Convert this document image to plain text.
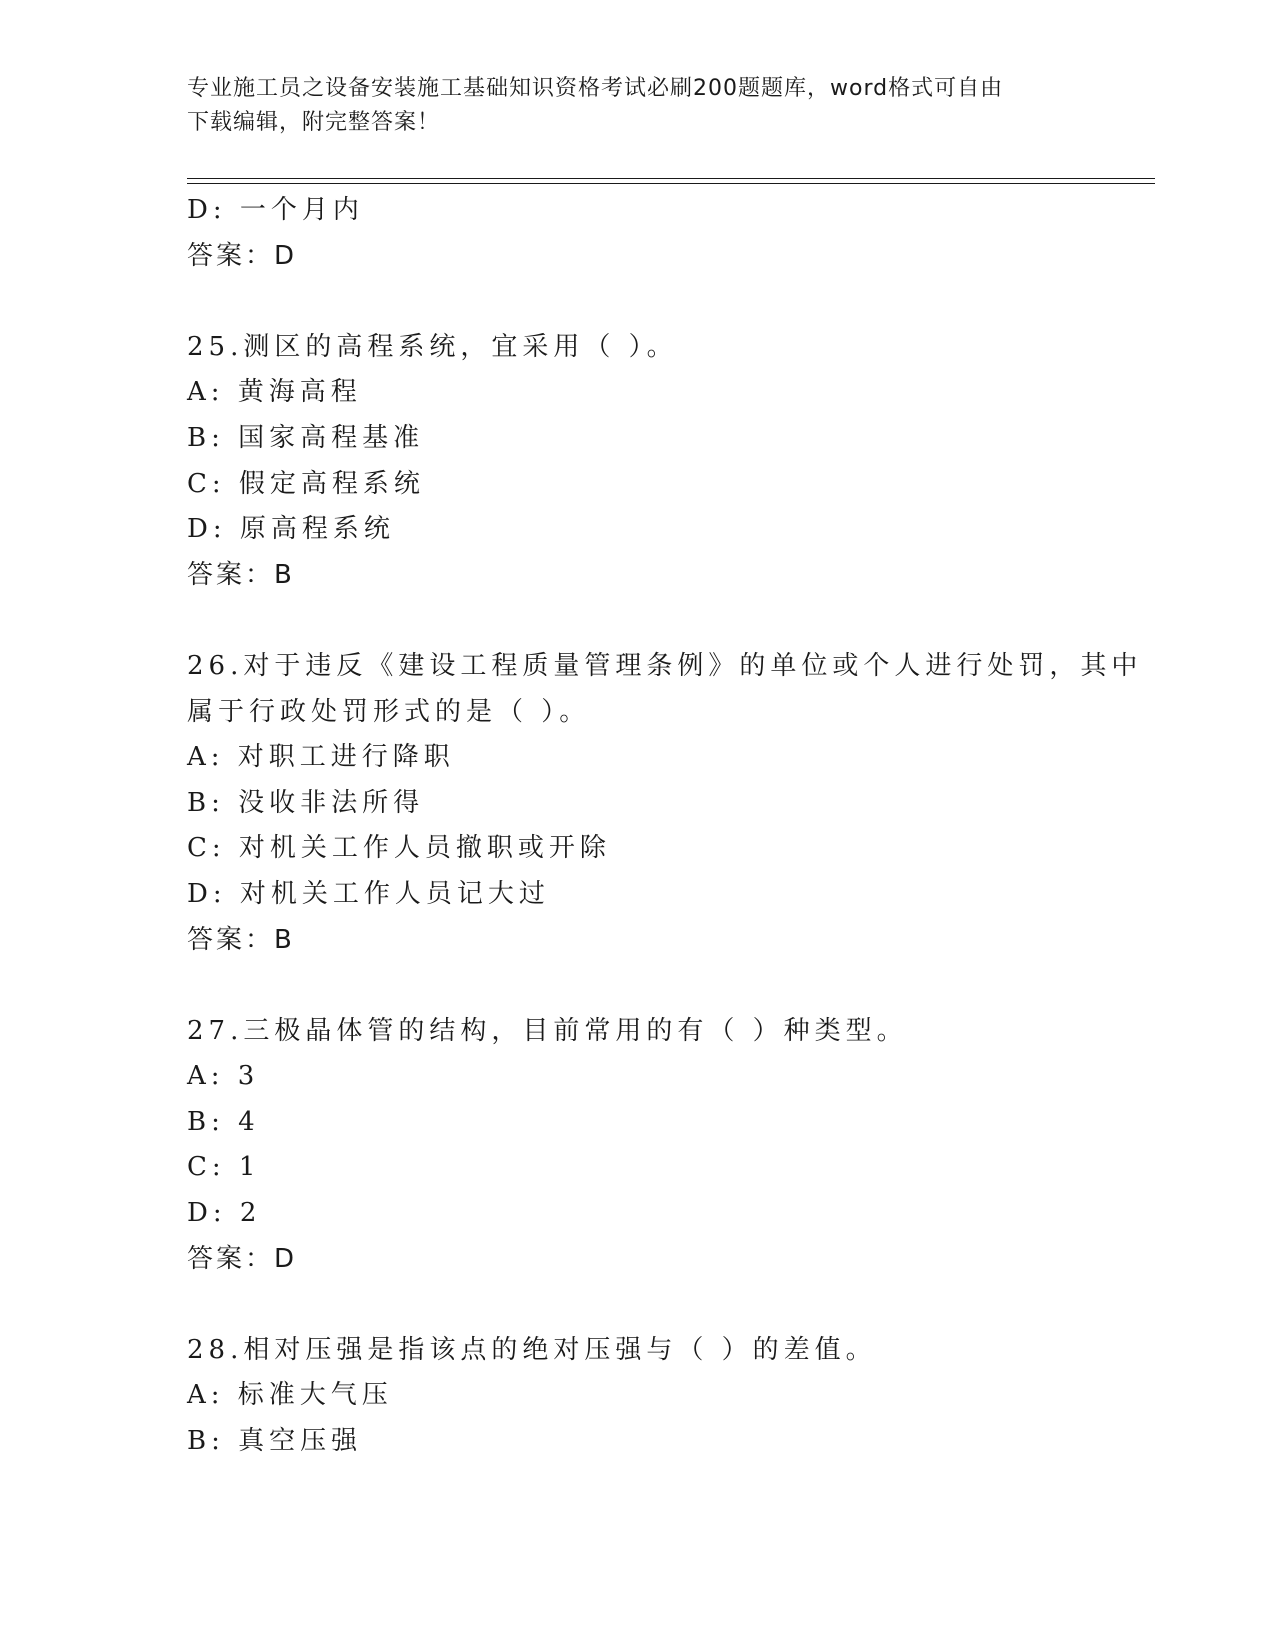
专业施工员之设备安装施工基础知识资格考试必刷200题题库，word格式可自由
下载编辑，附完整答案！
D: 一个月内
答案：D
25.测区的高程系统，宜采用（ ）。
A: 黄海高程
B: 国家高程基准
C: 假定高程系统
D: 原高程系统
答案：B
26.对于违反《建设工程质量管理条例》的单位或个人进行处罚，其中
属于行政处罚形式的是（ ）。
A: 对职工进行降职
B: 没收非法所得
C: 对机关工作人员撤职或开除
D: 对机关工作人员记大过
答案：B
27.三极晶体管的结构，目前常用的有（ ）种类型。
A: 3
B: 4
C: 1
D: 2
答案：D
28.相对压强是指该点的绝对压强与（ ）的差值。
A: 标准大气压
B: 真空压强
